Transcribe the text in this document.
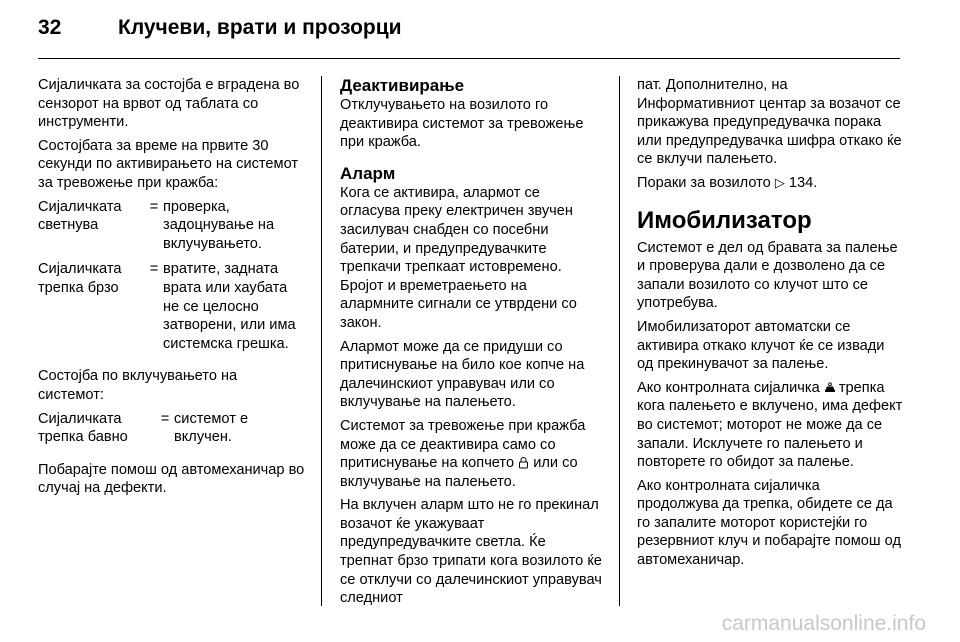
32	Клучеви, врати и прозорци

Сијаличката за состојба е вградена во сензорот на врвот од таблата со инструменти.

Состојбата за време на првите 30 секунди по активирањето на системот за тревожење при кражба:

Сијаличката светнува
= проверка, задоцнување на вклучувањето.
Сијаличката трепка брзо
= вратите, задната врата или хаубата не се целосно затворени, или има системска грешка.

Состојба по вклучувањето на системот:

Сијаличката трепка бавно
= системот е вклучен.

Побарајте помош од автомеханичар во случај на дефекти.

Деактивирање

Отклучувањето на возилото го деактивира системот за тревожење при кражба.

Аларм

Кога се активира, алармот се огласува преку електричен звучен засилувач снабден со посебни батерии, и предупредувачките трепкачи трепкаат истовремено. Бројот и времетраењето на алармните сигнали се утврдени со закон.

Алармот може да се придуши со притиснување на било кое копче на далечинскиот управувач или со вклучување на палењето.

Системот за тревожење при кражба може да се деактивира само со притиснување на копчето или со вклучување на палењето.

На вклучен аларм што не го прекинал возачот ќе укажуваат предупредувачките светла. Ќе трепнат брзо трипати кога возилото ќе се отклучи со далечинскиот управувач следниот

пат. Дополнително, на Информативниот центар за возачот се прикажува предупредувачка порака или предупредувачка шифра откако ќе се вклучи палењето.

Пораки за возилото ▷ 134.

Имобилизатор

Системот е дел од бравата за палење и проверува дали е дозволено да се запали возилото со клучот што се употребува.

Имобилизаторот автоматски се активира откако клучот ќе се извади од прекинувачот за палење.

Ако контролната сијаличка трепка кога палењето е вклучено, има дефект во системот; моторот не може да се запали. Исклучете го палењето и повторете го обидот за палење.

Ако контролната сијаличка продолжува да трепка, обидете се да го запалите моторот користејќи го резервниот клуч и побарајте помош од автомеханичар.

carmanualsonline.info
